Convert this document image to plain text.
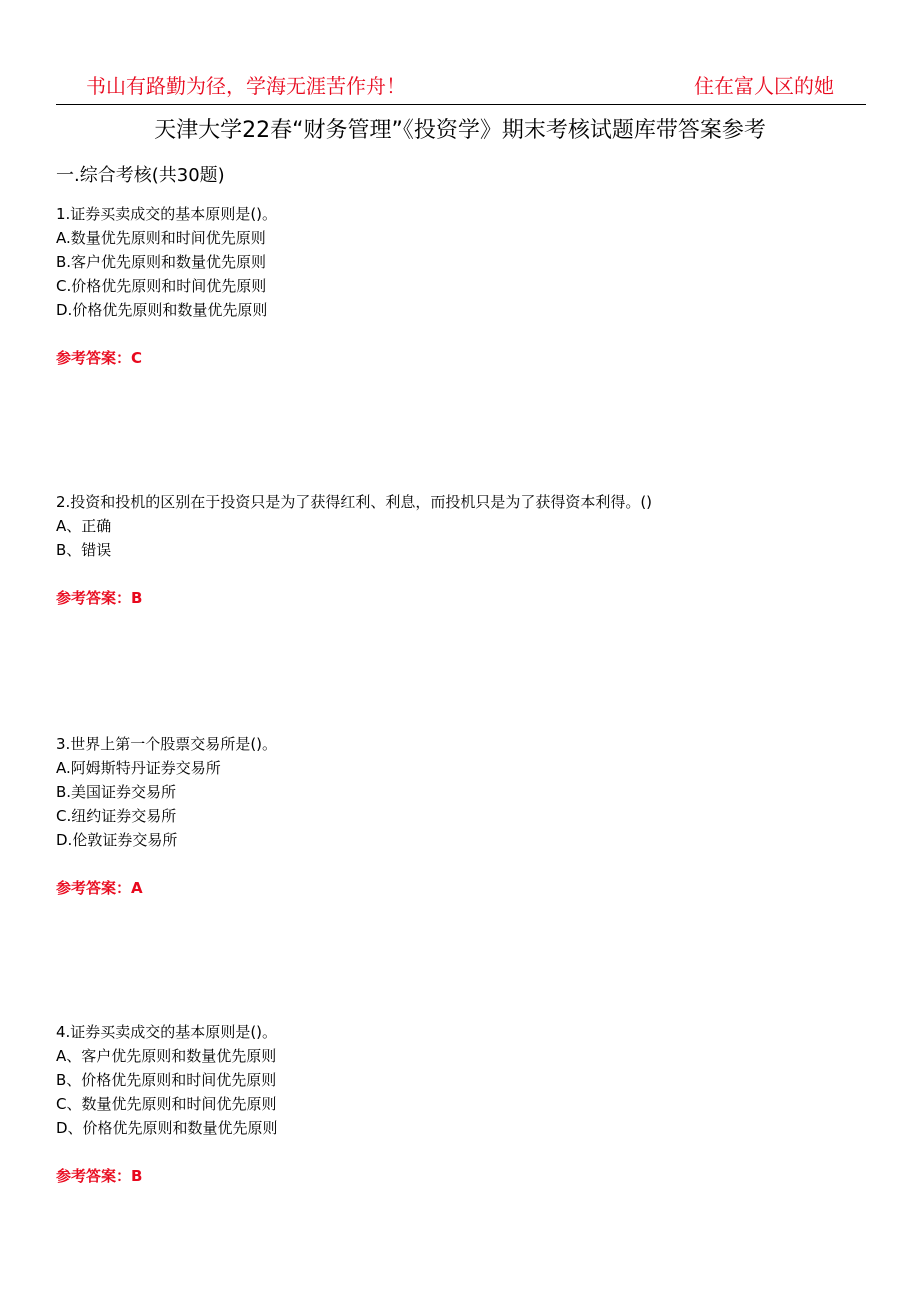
书山有路勤为径，学海无涯苦作舟！	住在富人区的她
天津大学22春“财务管理”《投资学》期末考核试题库带答案参考
一.综合考核(共30题)
1.证券买卖成交的基本原则是()。
A.数量优先原则和时间优先原则
B.客户优先原则和数量优先原则
C.价格优先原则和时间优先原则
D.价格优先原则和数量优先原则
参考答案：C
2.投资和投机的区别在于投资只是为了获得红利、利息，而投机只是为了获得资本利得。()
A、正确
B、错误
参考答案：B
3.世界上第一个股票交易所是()。
A.阿姆斯特丹证券交易所
B.美国证券交易所
C.纽约证券交易所
D.伦敦证券交易所
参考答案：A
4.证券买卖成交的基本原则是()。
A、客户优先原则和数量优先原则
B、价格优先原则和时间优先原则
C、数量优先原则和时间优先原则
D、价格优先原则和数量优先原则
参考答案：B
